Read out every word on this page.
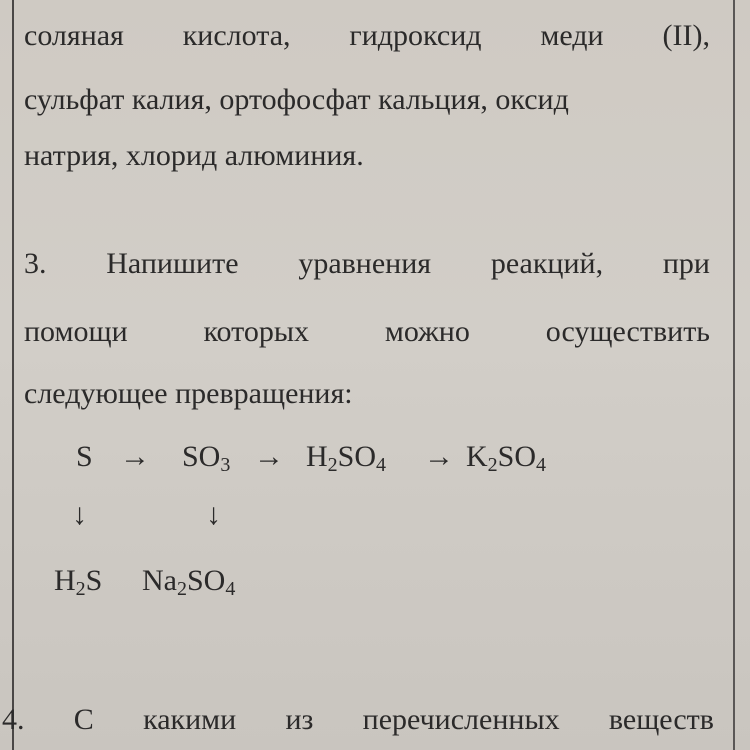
соляная кислота, гидроксид меди (II),
сульфат калия, ортофосфат кальция, оксид
натрия, хлорид алюминия.
3. Напишите уравнения реакций, при
помощи	которых	можно	осуществить
следующее превращения:
$S \to SO_3 \to H_2SO_4 \to K_2SO_4$
↓	↓
$H_2S$ $Na_2SO_4$
4. С какими из перечисленных веществ
